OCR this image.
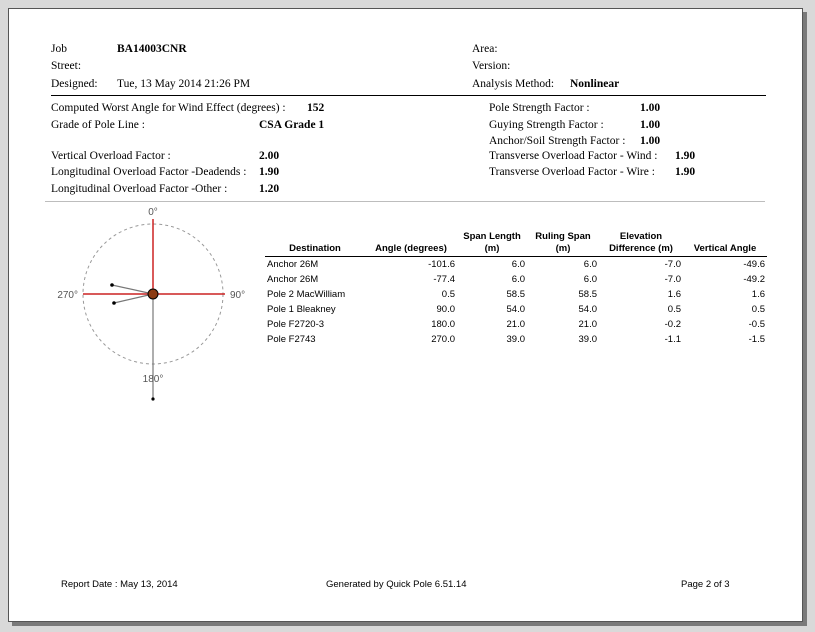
Job	BA14003CNR
Street:
Designed: Tue, 13 May 2014 21:26 PM
Area:
Version:
Analysis Method: Nonlinear
Computed Worst Angle for Wind Effect (degrees) : 152
Grade of Pole Line :	CSA Grade 1
Vertical Overload Factor :	2.00
Longitudinal Overload Factor -Deadends : 1.90
Longitudinal Overload Factor -Other :	1.20
Pole Strength Factor :	1.00
Guying Strength Factor :	1.00
Anchor/Soil Strength Factor : 1.00
Transverse Overload Factor - Wind : 1.90
Transverse Overload Factor - Wire : 1.90
0°
90°
180°
270°
Destination	Angle (degrees)	Span Length
(m)	Ruling Span
(m)	Elevation
Difference (m)	Vertical Angle
Anchor 26M	-101.6	6.0	6.0	-7.0	-49.6
Anchor 26M	-77.4	6.0	6.0	-7.0	-49.2
Pole 2 MacWilliam	0.5	58.5	58.5	1.6	1.6
Pole 1 Bleakney	90.0	54.0	54.0	0.5	0.5
Pole F2720-3	180.0	21.0	21.0	-0.2	-0.5
Pole F2743	270.0	39.0	39.0	-1.1	-1.5
Report Date : May 13, 2014	Generated by Quick Pole 6.51.14	Page 2 of 3
